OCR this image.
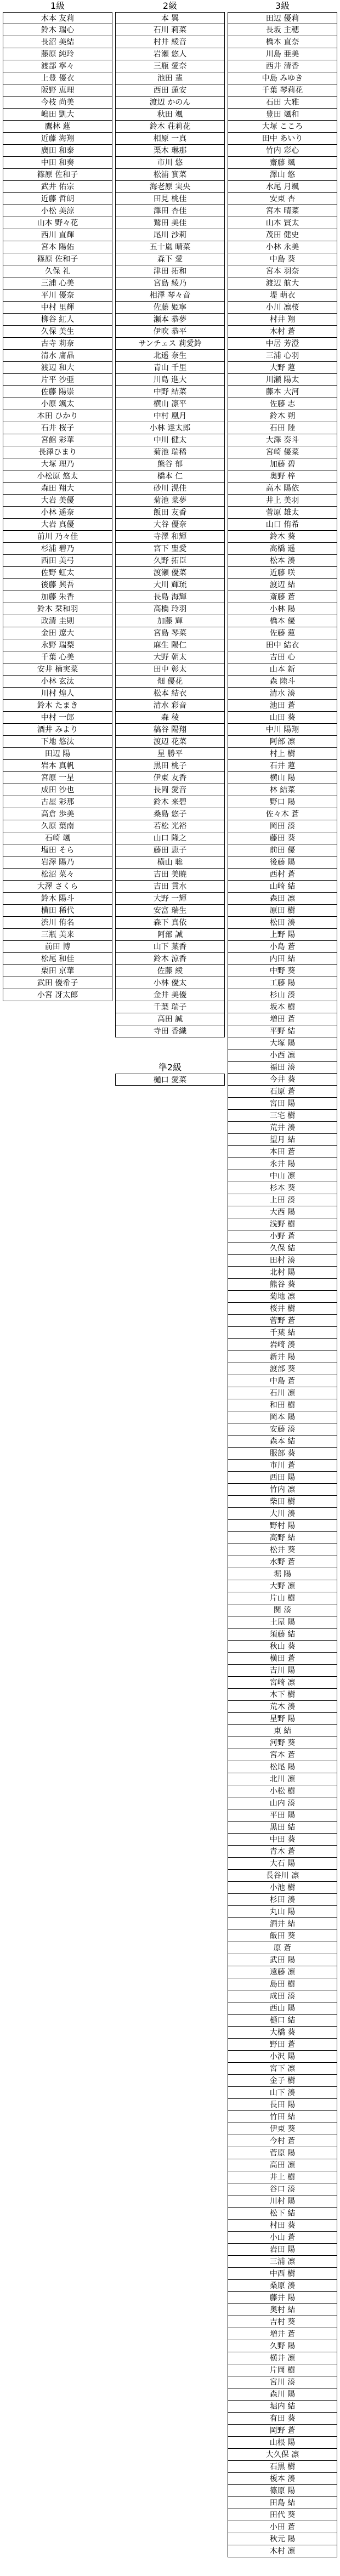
1級
木本 友莉
鈴木 瑞心
長沼 美結
藤原 純玲
渡部 寧々
上豊 優衣
阪野 恵理
今枝 尚美
嶋田 凱大
鷹林 蓮
近藤 海翔
廣田 和泰
中田 和奏
篠原 佐和子
武井 佑宗
近藤 哲朗
小松 美涼
山本 野々花
西川 直輝
宮本 陽佑
篠原 佐和子
久保 礼
三浦 心美
平川 優奈
中村 里輝
柳谷 紅人
久保 美生
古寺 莉奈
清水 庸晶
渡辺 和大
片平 沙亜
佐藤 陽崇
小原 颯太
本田 ひかり
石井 桜子
宮館 彩華
長澤ひまり
大塚 理乃
小松原 悠太
森田 翔大
大岩 美優
小林 遥奈
大岩 真優
前川 乃々佳
杉浦 碧乃
西田 美弓
佐野 虹太
後藤 興吾
加藤 朱香
鈴木 栞和羽
政清 圭則
金田 遼大
永野 瑞梨
千葉 心美
安井 楠実菜
小林 玄汰
川村 煌人
鈴木 たまき
中村 一郎
酒井 みより
下地 悠汰
田辺 陽
岩本 真帆
宮原 一星
成田 沙也
古屋 彩那
高倉 歩美
久原 葉南
石崎 颯
塩田 そら
岩澤 陽乃
松沼 菜々
大澤 さくら
鈴木 陽斗
横田 稀代
渋川 侑名
三瓶 美来
前田 博
松尾 和佳
栗田 京華
武田 優希子
小宮 冴太郎
2級
本 巽
石川 莉菜
村井 綾音
岩瀬 悠人
三瓶 愛奈
池田 輩
西田 蓮安
渡辺 かのん
秋田 颯
鈴木 荘莉花
相原 一真
栗木 琳那
市川 悠
松浦 實菜
海老原 実央
田見 桃佳
澤田 杏佳
鷲田 美佳
尾川 沙莉
五十嵐 晴菜
森下 愛
津田 拓和
宮島 綾乃
相澤 琴々音
佐藤 姫寧
瀬本 恭夢
伊吹 恭平
サンチェス 莉愛鈴
北遥 奈生
青山 千里
川島 進大
中野 結菜
横山 凛平
中村 凰月
小林 達太郎
中川 健太
菊池 瑞稀
熊谷 郁
橋本 仁
砂川 滉佳
菊池 菜夢
飯田 友香
大谷 優奈
寺澤 和輝
宮下 聖愛
久野 拓臣
渡瀬 優菜
大川 輝琉
長島 海輝
高橋 玲羽
加藤 輝
宮島 琴菜
麻生 陽仁
大野 朝太
田中 彰太
畑 優花
松本 結衣
清水 彩音
森 稜
稿谷 陽翔
渡辺 花菜
星 勝平
黒田 桃子
伊東 友香
長岡 愛音
鈴木 来碧
桑島 悠子
若松 光裕
山口 隆之
藤田 恵子
横山 聡
吉田 美暁
吉田 貫水
大野 一輝
安富 瑞生
森下 真依
阿部 誠
山下 葉香
鈴木 涼香
佐藤 綾
小林 優太
金井 美優
千葉 瑞子
高田 誠
寺田 香織
3級
田辺 優莉
長坂 主穂
橋本 直奈
川島 亜美
西井 清香
中島 みゆき
千葉 琴莉花
石田 大雅
豊田 颯和
大塚 こころ
田中 あいり
竹内 彩心
齋藤 颯
澤山 悠
水尾 月颯
安東 杏
宮本 晴菜
山本 賢太
茂田 健史
小林 永美
中島 葵
宮本 羽奈
渡辺 航大
堤 萌衣
小川 凛桜
村井 翔
木村 蒼
中居 芳澄
三浦 心羽
大野 蓮
川瀬 陽太
藤本 大河
佐藤 志
鈴木 朔
石田 陸
大澤 奏斗
宮崎 優菜
加藤 碧
奥野 梓
高木 陽依
井上 美羽
菅原 雄太
山口 侑希
鈴木 葵
高橋 遥
松本 湊
近藤 咲
渡辺 結
斎藤 蒼
小林 陽
橋本 優
佐藤 蓮
田中 結衣
吉田 心
山本 新
森 陸斗
清水 湊
池田 蒼
山田 葵
中川 陽翔
阿部 凛
村上 樹
石井 蓮
横山 陽
林 結菜
野口 陽
佐々木 蒼
岡田 湊
藤田 葵
前田 優
後藤 陽
西村 蒼
山崎 結
森田 凛
原田 樹
松田 湊
上野 陽
小島 蒼
内田 結
中野 葵
工藤 陽
杉山 湊
坂本 樹
増田 蒼
平野 結
大塚 陽
小西 凛
福田 湊
今井 葵
石原 蒼
宮田 陽
三宅 樹
荒井 湊
望月 結
本田 蒼
永井 陽
中山 凛
杉本 葵
上田 湊
大西 陽
浅野 樹
小野 蒼
久保 結
田村 湊
北村 陽
熊谷 葵
菊地 凛
桜井 樹
菅野 蒼
千葉 結
岩崎 湊
新井 陽
渡部 葵
中島 蒼
石川 凛
和田 樹
岡本 陽
安藤 湊
森本 結
服部 葵
市川 蒼
西田 陽
竹内 凛
柴田 樹
大川 湊
野村 陽
高野 結
松井 葵
水野 蒼
堀 陽
大野 凛
片山 樹
関 湊
土屋 陽
須藤 結
秋山 葵
横田 蒼
吉川 陽
宮崎 凛
木下 樹
荒木 湊
星野 陽
東 結
河野 葵
宮本 蒼
松尾 陽
北川 凛
小松 樹
山内 湊
平田 陽
黒田 結
中田 葵
青木 蒼
大石 陽
長谷川 凛
小池 樹
杉田 湊
丸山 陽
酒井 結
飯田 葵
原 蒼
武田 陽
遠藤 凛
島田 樹
成田 湊
西山 陽
樋口 結
大橋 葵
野田 蒼
小沢 陽
宮下 凛
金子 樹
山下 湊
長田 陽
竹田 結
伊東 葵
今村 蒼
菅原 陽
高田 凛
井上 樹
谷口 湊
川村 陽
松下 結
村田 葵
小山 蒼
岩田 陽
三浦 凛
中西 樹
桑原 湊
藤井 陽
奥村 結
吉村 葵
増井 蒼
久野 陽
横井 凛
片岡 樹
宮川 湊
森川 陽
堀内 結
有田 葵
岡野 蒼
山根 陽
大久保 凛
石黒 樹
榎本 湊
篠原 陽
田島 結
田代 葵
小田 蒼
秋元 陽
木村 凛
準2級
樋口 愛菜
